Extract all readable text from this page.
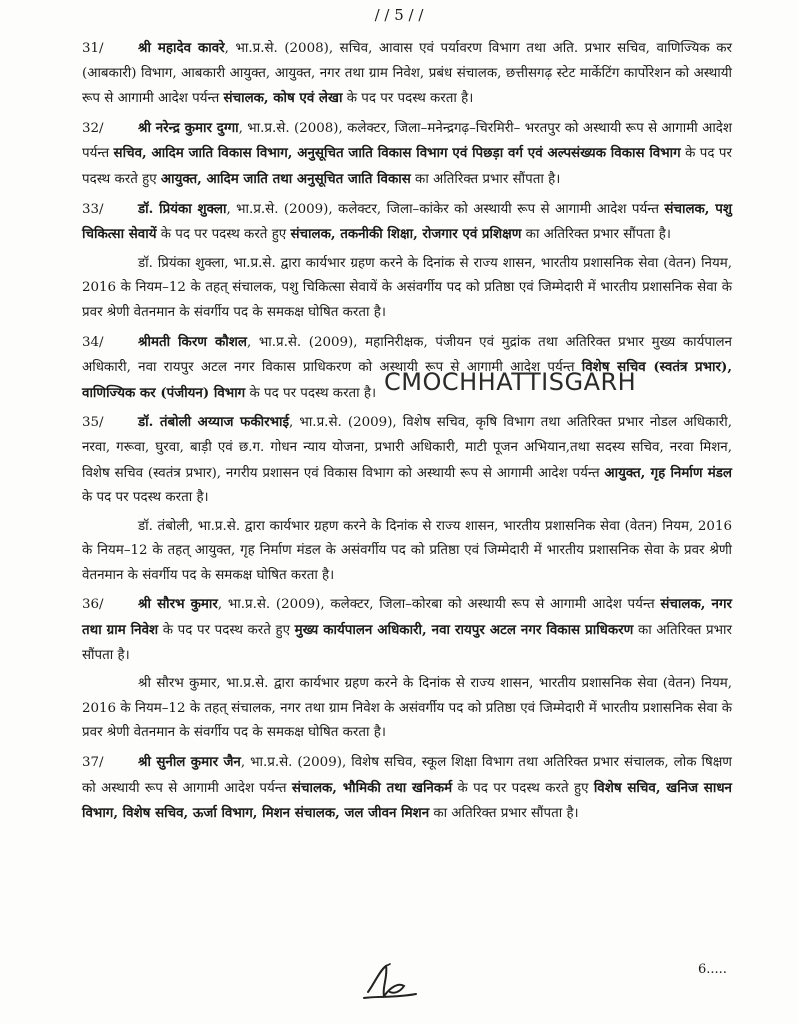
/ / 5 / /

31/	श्री महादेव कावरे, भा.प्र.से. (2008), सचिव, आवास एवं पर्यावरण विभाग तथा अति. प्रभार सचिव, वाणिज्यिक कर (आबकारी) विभाग, आबकारी आयुक्त, आयुक्त, नगर तथा ग्राम निवेश, प्रबंध संचालक, छत्तीसगढ़ स्टेट मार्केटिंग कार्पोरेशन को अस्थायी रूप से आगामी आदेश पर्यन्त संचालक, कोष एवं लेखा के पद पर पदस्थ करता है।

32/	श्री नरेन्द्र कुमार दुग्गा, भा.प्र.से. (2008), कलेक्टर, जिला–मनेन्द्रगढ़–चिरमिरी– भरतपुर को अस्थायी रूप से आगामी आदेश पर्यन्त सचिव, आदिम जाति विकास विभाग, अनुसूचित जाति विकास विभाग एवं पिछड़ा वर्ग एवं अल्पसंख्यक विकास विभाग के पद पर पदस्थ करते हुए आयुक्त, आदिम जाति तथा अनुसूचित जाति विकास का अतिरिक्त प्रभार सौंपता है।

33/	डॉ. प्रियंका शुक्ला, भा.प्र.से. (2009), कलेक्टर, जिला–कांकेर को अस्थायी रूप से आगामी आदेश पर्यन्त संचालक, पशु चिकित्सा सेवायें के पद पर पदस्थ करते हुए संचालक, तकनीकी शिक्षा, रोजगार एवं प्रशिक्षण का अतिरिक्त प्रभार सौंपता है।

डॉ. प्रियंका शुक्ला, भा.प्र.से. द्वारा कार्यभार ग्रहण करने के दिनांक से राज्य शासन, भारतीय प्रशासनिक सेवा (वेतन) नियम, 2016 के नियम–12 के तहत् संचालक, पशु चिकित्सा सेवायें के असंवर्गीय पद को प्रतिष्ठा एवं जिम्मेदारी में भारतीय प्रशासनिक सेवा के प्रवर श्रेणी वेतनमान के संवर्गीय पद के समकक्ष घोषित करता है।

34/	श्रीमती किरण कौशल, भा.प्र.से. (2009), महानिरीक्षक, पंजीयन एवं मुद्रांक तथा अतिरिक्त प्रभार मुख्य कार्यपालन अधिकारी, नवा रायपुर अटल नगर विकास प्राधिकरण को अस्थायी रूप से आगामी आदेश पर्यन्त विशेष सचिव (स्वतंत्र प्रभार), वाणिज्यिक कर (पंजीयन) विभाग के पद पर पदस्थ करता है।

35/	डॉ. तंबोली अय्याज फकीरभाई, भा.प्र.से. (2009), विशेष सचिव, कृषि विभाग तथा अतिरिक्त प्रभार नोडल अधिकारी, नरवा, गरूवा, घुरवा, बाड़ी एवं छ.ग. गोधन न्याय योजना, प्रभारी अधिकारी, माटी पूजन अभियान,तथा सदस्य सचिव, नरवा मिशन, विशेष सचिव (स्वतंत्र प्रभार), नगरीय प्रशासन एवं विकास विभाग को अस्थायी रूप से आगामी आदेश पर्यन्त आयुक्त, गृह निर्माण मंडल के पद पर पदस्थ करता है।

डॉ. तंबोली, भा.प्र.से. द्वारा कार्यभार ग्रहण करने के दिनांक से राज्य शासन, भारतीय प्रशासनिक सेवा (वेतन) नियम, 2016 के नियम–12 के तहत् आयुक्त, गृह निर्माण मंडल के असंवर्गीय पद को प्रतिष्ठा एवं जिम्मेदारी में भारतीय प्रशासनिक सेवा के प्रवर श्रेणी वेतनमान के संवर्गीय पद के समकक्ष घोषित करता है।

36/	श्री सौरभ कुमार, भा.प्र.से. (2009), कलेक्टर, जिला–कोरबा को अस्थायी रूप से आगामी आदेश पर्यन्त संचालक, नगर तथा ग्राम निवेश के पद पर पदस्थ करते हुए मुख्य कार्यपालन अधिकारी, नवा रायपुर अटल नगर विकास प्राधिकरण का अतिरिक्त प्रभार सौंपता है।

श्री सौरभ कुमार, भा.प्र.से. द्वारा कार्यभार ग्रहण करने के दिनांक से राज्य शासन, भारतीय प्रशासनिक सेवा (वेतन) नियम, 2016 के नियम–12 के तहत् संचालक, नगर तथा ग्राम निवेश के असंवर्गीय पद को प्रतिष्ठा एवं जिम्मेदारी में भारतीय प्रशासनिक सेवा के प्रवर श्रेणी वेतनमान के संवर्गीय पद के समकक्ष घोषित करता है।

37/	श्री सुनील कुमार जैन, भा.प्र.से. (2009), विशेष सचिव, स्कूल शिक्षा विभाग तथा अतिरिक्त प्रभार संचालक, लोक षिक्षण को अस्थायी रूप से आगामी आदेश पर्यन्त संचालक, भौमिकी तथा खनिकर्म के पद पर पदस्थ करते हुए विशेष सचिव, खनिज साधन विभाग, विशेष सचिव, ऊर्जा विभाग, मिशन संचालक, जल जीवन मिशन का अतिरिक्त प्रभार सौंपता है।

CMOCHHATTISGARH
6.....
